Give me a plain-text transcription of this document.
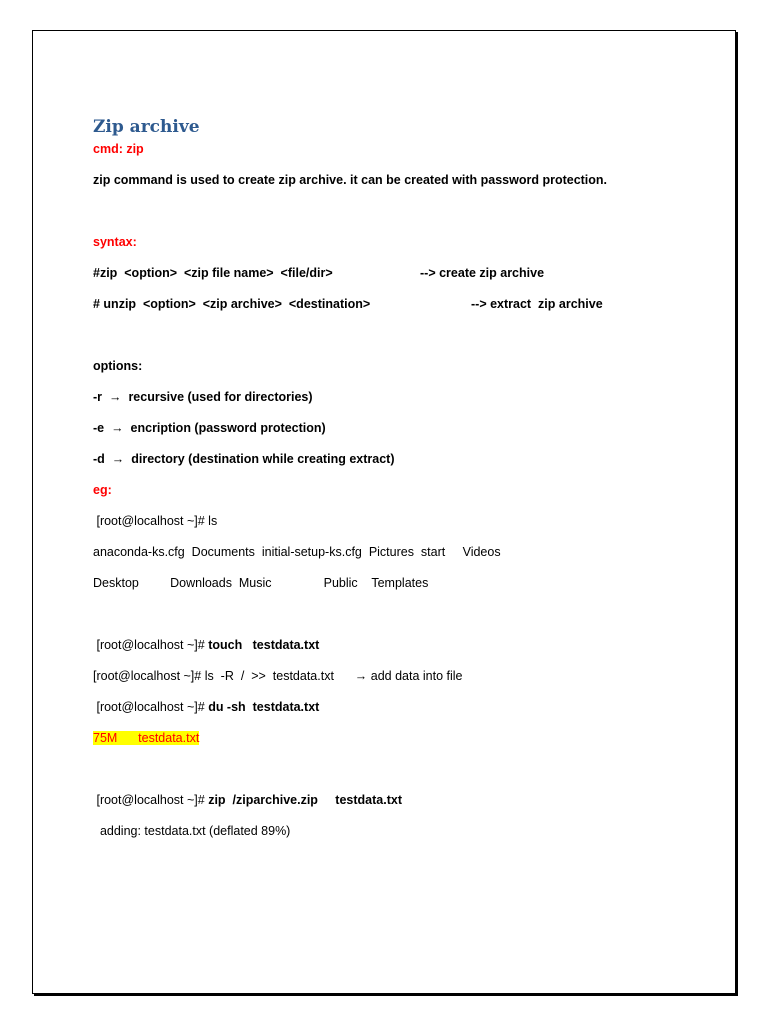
Zip archive
cmd: zip
zip command is used to create zip archive. it can be created with password protection.
syntax:
#zip  <option>  <zip file name>  <file/dir>	--> create zip archive
# unzip  <option>  <zip archive>  <destination>	--> extract  zip archive
options:
-r → recursive (used for directories)
-e → encription (password protection)
-d → directory (destination while creating extract)
eg:
[root@localhost ~]# ls
anaconda-ks.cfg  Documents  initial-setup-ks.cfg  Pictures  start     Videos
Desktop         Downloads  Music               Public    Templates
[root@localhost ~]# touch   testdata.txt
[root@localhost ~]# ls  -R  /  >>  testdata.txt      → add data into file
[root@localhost ~]# du -sh  testdata.txt
75M      testdata.txt
[root@localhost ~]# zip  /ziparchive.zip     testdata.txt
adding: testdata.txt (deflated 89%)
